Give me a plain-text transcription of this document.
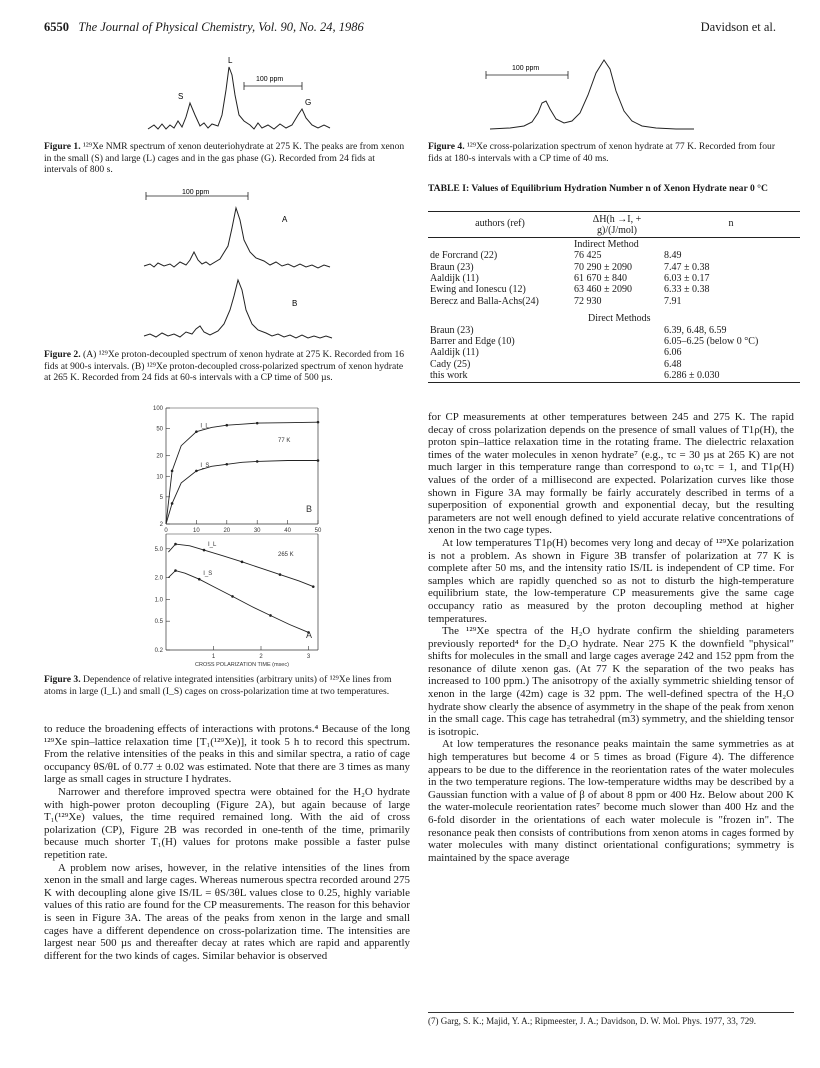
6550 The Journal of Physical Chemistry, Vol. 90, No. 24, 1986	Davidson et al.
100 ppm
L
S
G
Figure 1. ¹²⁹Xe NMR spectrum of xenon deuteriohydrate at 275 K. The peaks are from xenon in the small (S) and large (L) cages and in the gas phase (G). Recorded from 24 fids at intervals of 800 s.
100 ppm
A
B
Figure 2. (A) ¹²⁹Xe proton-decoupled spectrum of xenon hydrate at 275 K. Recorded from 16 fids at 900-s intervals. (B) ¹²⁹Xe proton-decoupled cross-polarized spectrum of xenon hydrate at 265 K. Recorded from 24 fids at 60-s intervals with a CP time of 500 µs.
100
50
20
10
5
2
0	10	20	30	40	50
I_L
I_S
77 K
B
5.0
2.0
1.0
0.5
0.2
1	2	3
I_L
I_S
265 K
A
CROSS POLARIZATION TIME (msec)
Figure 3. Dependence of relative integrated intensities (arbitrary units) of ¹²⁹Xe lines from atoms in large (I_L) and small (I_S) cages on cross-polarization time at two temperatures.

to reduce the broadening effects of interactions with protons.⁴ Because of the long ¹²⁹Xe spin–lattice relaxation time [T₁(¹²⁹Xe)], it took 5 h to record this spectrum. From the relative intensities of the peaks in this and similar spectra, a ratio of cage occupancy θS/θL of 0.77 ± 0.02 was estimated. Note that there are 3 times as many large as small cages in structure I hydrates.

Narrower and therefore improved spectra were obtained for the H₂O hydrate with high-power proton decoupling (Figure 2A), but again because of large T₁(¹²⁹Xe) values, the time required remained long. With the aid of cross polarization (CP), Figure 2B was recorded in one-tenth of the time, primarily because much shorter T₁(H) values for protons make possible a faster pulse repetition rate.

A problem now arises, however, in the relative intensities of the lines from xenon in the small and large cages. Whereas numerous spectra recorded around 275 K with decoupling alone give IS/IL = θS/3θL values close to 0.25, highly variable values of this ratio are found for the CP measurements. The reason for this behavior is seen in Figure 3A. The areas of the peaks from xenon in the large and small cages have a different dependence on cross-polarization time. The intensities are largest near 500 µs and thereafter decay at rates which are rapid and apparently different for the two kinds of cages. Similar behavior is observed

100 ppm
Figure 4. ¹²⁹Xe cross-polarization spectrum of xenon hydrate at 77 K. Recorded from four fids at 180-s intervals with a CP time of 40 ms.
TABLE I: Values of Equilibrium Hydration Number n of Xenon Hydrate near 0 °C
authors (ref)	ΔH(h →I, + g)/(J/mol)	n
	Indirect Method	
de Forcrand (22)	76 425	8.49
Braun (23)	70 290 ± 2090	7.47 ± 0.38
Aaldijk (11)	61 670 ± 840	6.03 ± 0.17
Ewing and Ionescu (12)	63 460 ± 2090	6.33 ± 0.38
Berecz and Balla-Achs(24)	72 930	7.91

	Direct Methods	
Braun (23)		6.39, 6.48, 6.59
Barrer and Edge (10)		6.05–6.25 (below 0 °C)
Aaldijk (11)		6.06
Cady (25)		6.48
this work		6.286 ± 0.030

for CP measurements at other temperatures between 245 and 275 K. The rapid decay of cross polarization depends on the presence of small values of T1ρ(H), the proton spin–lattice relaxation time in the rotating frame. The dielectric relaxation times of the water molecules in xenon hydrate⁷ (e.g., τc = 30 µs at 265 K) are not much larger in this temperature range than correspond to ω₁τc = 1, and T1ρ(H) values of the order of a millisecond are expected. Polarization curves like those shown in Figure 3A may formally be fairly accurately described in terms of a superposition of exponential growth and exponential decay, but the resulting parameters are not well enough defined to yield accurate relative concentrations of xenon in the two cage types.

At low temperatures T1ρ(H) becomes very long and decay of ¹²⁹Xe polarization is not a problem. As shown in Figure 3B transfer of polarization at 77 K is complete after 50 ms, and the intensity ratio IS/IL is independent of CP time. For samples which are rapidly quenched so as not to disturb the high-temperature equilibrium state, the low-temperature CP measurements give the same cage occupancy ratio as measured by the proton decoupling method at higher temperatures.

The ¹²⁹Xe spectra of the H₂O hydrate confirm the shielding parameters previously reported⁴ for the D₂O hydrate. Near 275 K the downfield "physical" shifts for molecules in the small and large cages average 242 and 152 ppm from the resonance of dilute xenon gas. (At 77 K the separation of the two peaks has increased to 100 ppm.) The anisotropy of the axially symmetric shielding tensor of xenon in the large (42m) cage is 32 ppm. The well-defined spectra of the H₂O hydrate show clearly the absence of asymmetry in the shape of the peak from xenon in the small cage. This cage has tetrahedral (m3) symmetry, and the shielding tensor is isotropic.

At low temperatures the resonance peaks maintain the same symmetries as at high temperatures but become 4 or 5 times as broad (Figure 4). The difference appears to be due to the difference in the reorientation rates of the water molecules in the two temperature regions. The low-temperature widths may be described by a Gaussian function with a value of β of about 8 ppm or 400 Hz. Below about 200 K the water-molecule reorientation rates⁷ become much slower than 400 Hz and the 6-fold disorder in the orientations of each water molecule is "frozen in". The resonance peak then consists of contributions from xenon atoms in cages formed by water molecules with many distinct orientational configurations; symmetry is maintained by the space average

(7) Garg, S. K.; Majid, Y. A.; Ripmeester, J. A.; Davidson, D. W. Mol. Phys. 1977, 33, 729.
